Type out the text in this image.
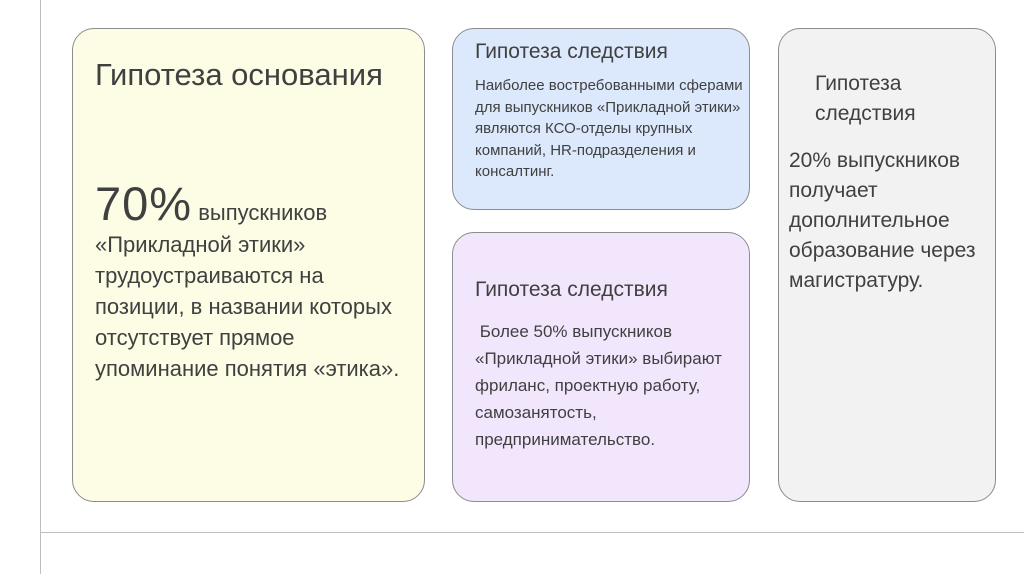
Гипотеза основания
70% выпускников «Прикладной этики» трудоустраиваются на позиции, в названии которых отсутствует прямое упоминание понятия «этика».
Гипотеза следствия
Наиболее востребованными сферами для выпускников «Прикладной этики» являются КСО-отделы крупных компаний, HR-подразделения и консалтинг.
Гипотеза следствия
Более 50% выпускников «Прикладной этики» выбирают фриланс, проектную работу, самозанятость, предпринимательство.
Гипотеза следствия
20% выпускников получает дополнительное образование через магистратуру.
